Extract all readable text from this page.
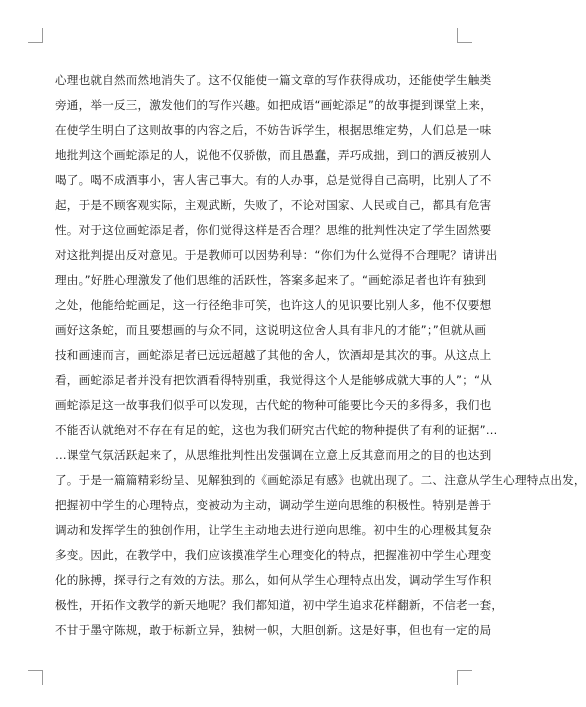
心理也就自然而然地消失了。这不仅能使一篇文章的写作获得成功，还能使学生触类
旁通，举一反三，激发他们的写作兴趣。如把成语“画蛇添足”的故事提到课堂上来，
在使学生明白了这则故事的内容之后，不妨告诉学生，根据思维定势，人们总是一味
地批判这个画蛇添足的人，说他不仅骄傲，而且愚蠢，弄巧成拙，到口的酒反被别人
喝了。喝不成酒事小，害人害己事大。有的人办事，总是觉得自己高明，比别人了不
起，于是不顾客观实际，主观武断，失败了，不论对国家、人民或自己，都具有危害
性。对于这位画蛇添足者，你们觉得这样是否合理？思维的批判性决定了学生固然要
对这批判提出反对意见。于是教师可以因势利导：“你们为什么觉得不合理呢？请讲出
理由。”好胜心理激发了他们思维的活跃性，答案多起来了。“画蛇添足者也许有独到
之处，他能给蛇画足，这一行径绝非可笑，也许这人的见识要比别人多，他不仅要想
画好这条蛇，而且要想画的与众不同，这说明这位舍人具有非凡的才能”；”但就从画
技和画速而言，画蛇添足者已远远超越了其他的舍人，饮酒却是其次的事。从这点上
看，画蛇添足者并没有把饮酒看得特别重，我觉得这个人是能够成就大事的人”；“从
画蛇添足这一故事我们似乎可以发现，古代蛇的物种可能要比今天的多得多，我们也
不能否认就绝对不存在有足的蛇，这也为我们研究古代蛇的物种提供了有利的证据”…
…课堂气氛活跃起来了，从思维批判性出发强调在立意上反其意而用之的目的也达到
了。于是一篇篇精彩纷呈、见解独到的《画蛇添足有感》也就出现了。二、注意从学生心理特点出发，
把握初中学生的心理特点，变被动为主动，调动学生逆向思维的积极性。特别是善于
调动和发挥学生的独创作用，让学生主动地去进行逆向思维。初中生的心理极其复杂
多变。因此，在教学中，我们应该摸准学生心理变化的特点，把握准初中学生心理变
化的脉搏，探寻行之有效的方法。那么，如何从学生心理特点出发，调动学生写作积
极性，开拓作文教学的新天地呢？我们都知道，初中学生追求花样翻新，不信老一套，
不甘于墨守陈规，敢于标新立异，独树一帜，大胆创新。这是好事，但也有一定的局
